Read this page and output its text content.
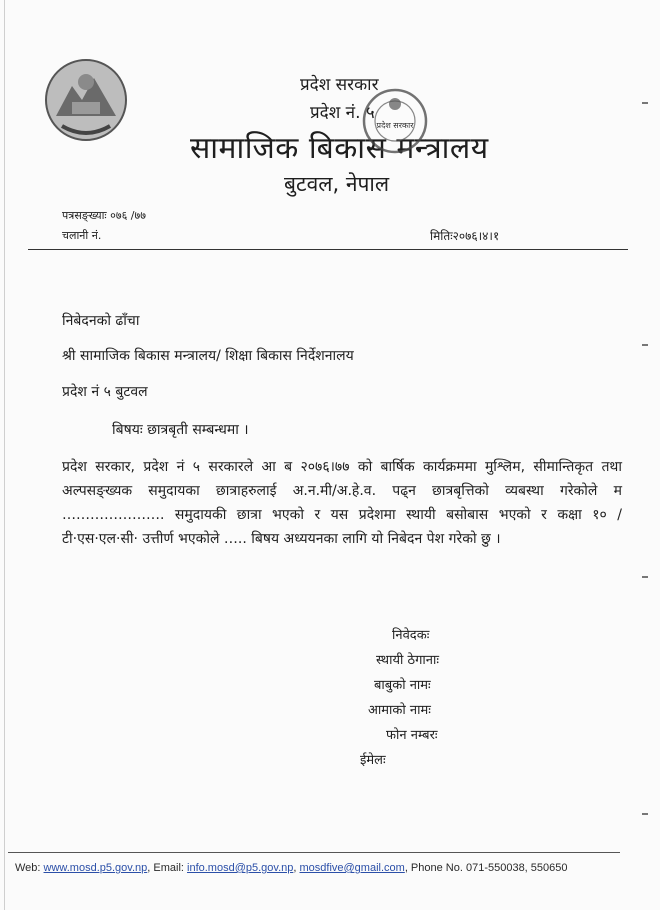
प्रदेश सरकार
प्रदेश नं. ५
सामाजिक बिकास मन्त्रालय
बुटवल, नेपाल
प्रदेश सरकार
पत्रसङ्ख्याः ०७६ /७७
चलानी नं.	मितिः२०७६।४।१
निबेदनको ढाँचा
श्री सामाजिक बिकास मन्त्रालय/ शिक्षा बिकास निर्देशनालय
प्रदेश नं ५ बुटवल
बिषयः छात्रबृती सम्बन्धमा ।
प्रदेश सरकार, प्रदेश नं ५ सरकारले आ ब २०७६।७७ को बार्षिक कार्यक्रममा मुश्लिम, सीमान्तिकृत तथा अल्पसङ्ख्यक समुदायका छात्राहरुलाई अ.न.मी/अ.हे.व. पढ्न छात्रबृत्तिको व्यबस्था गरेकोले म …………………. समुदायकी छात्रा भएको र यस प्रदेशमा स्थायी बसोबास भएको र कक्षा १० / टी·एस·एल·सी· उत्तीर्ण भएकोले ….. बिषय अध्ययनका लागि यो निबेदन पेश गरेको छु ।
निवेदकः
स्थायी ठेगानाः
बाबुको नामः
आमाको नामः
फोन नम्बरः
ईमेलः
Web: www.mosd.p5.gov.np, Email: info.mosd@p5.gov.np, mosdfive@gmail.com, Phone No. 071-550038, 550650
